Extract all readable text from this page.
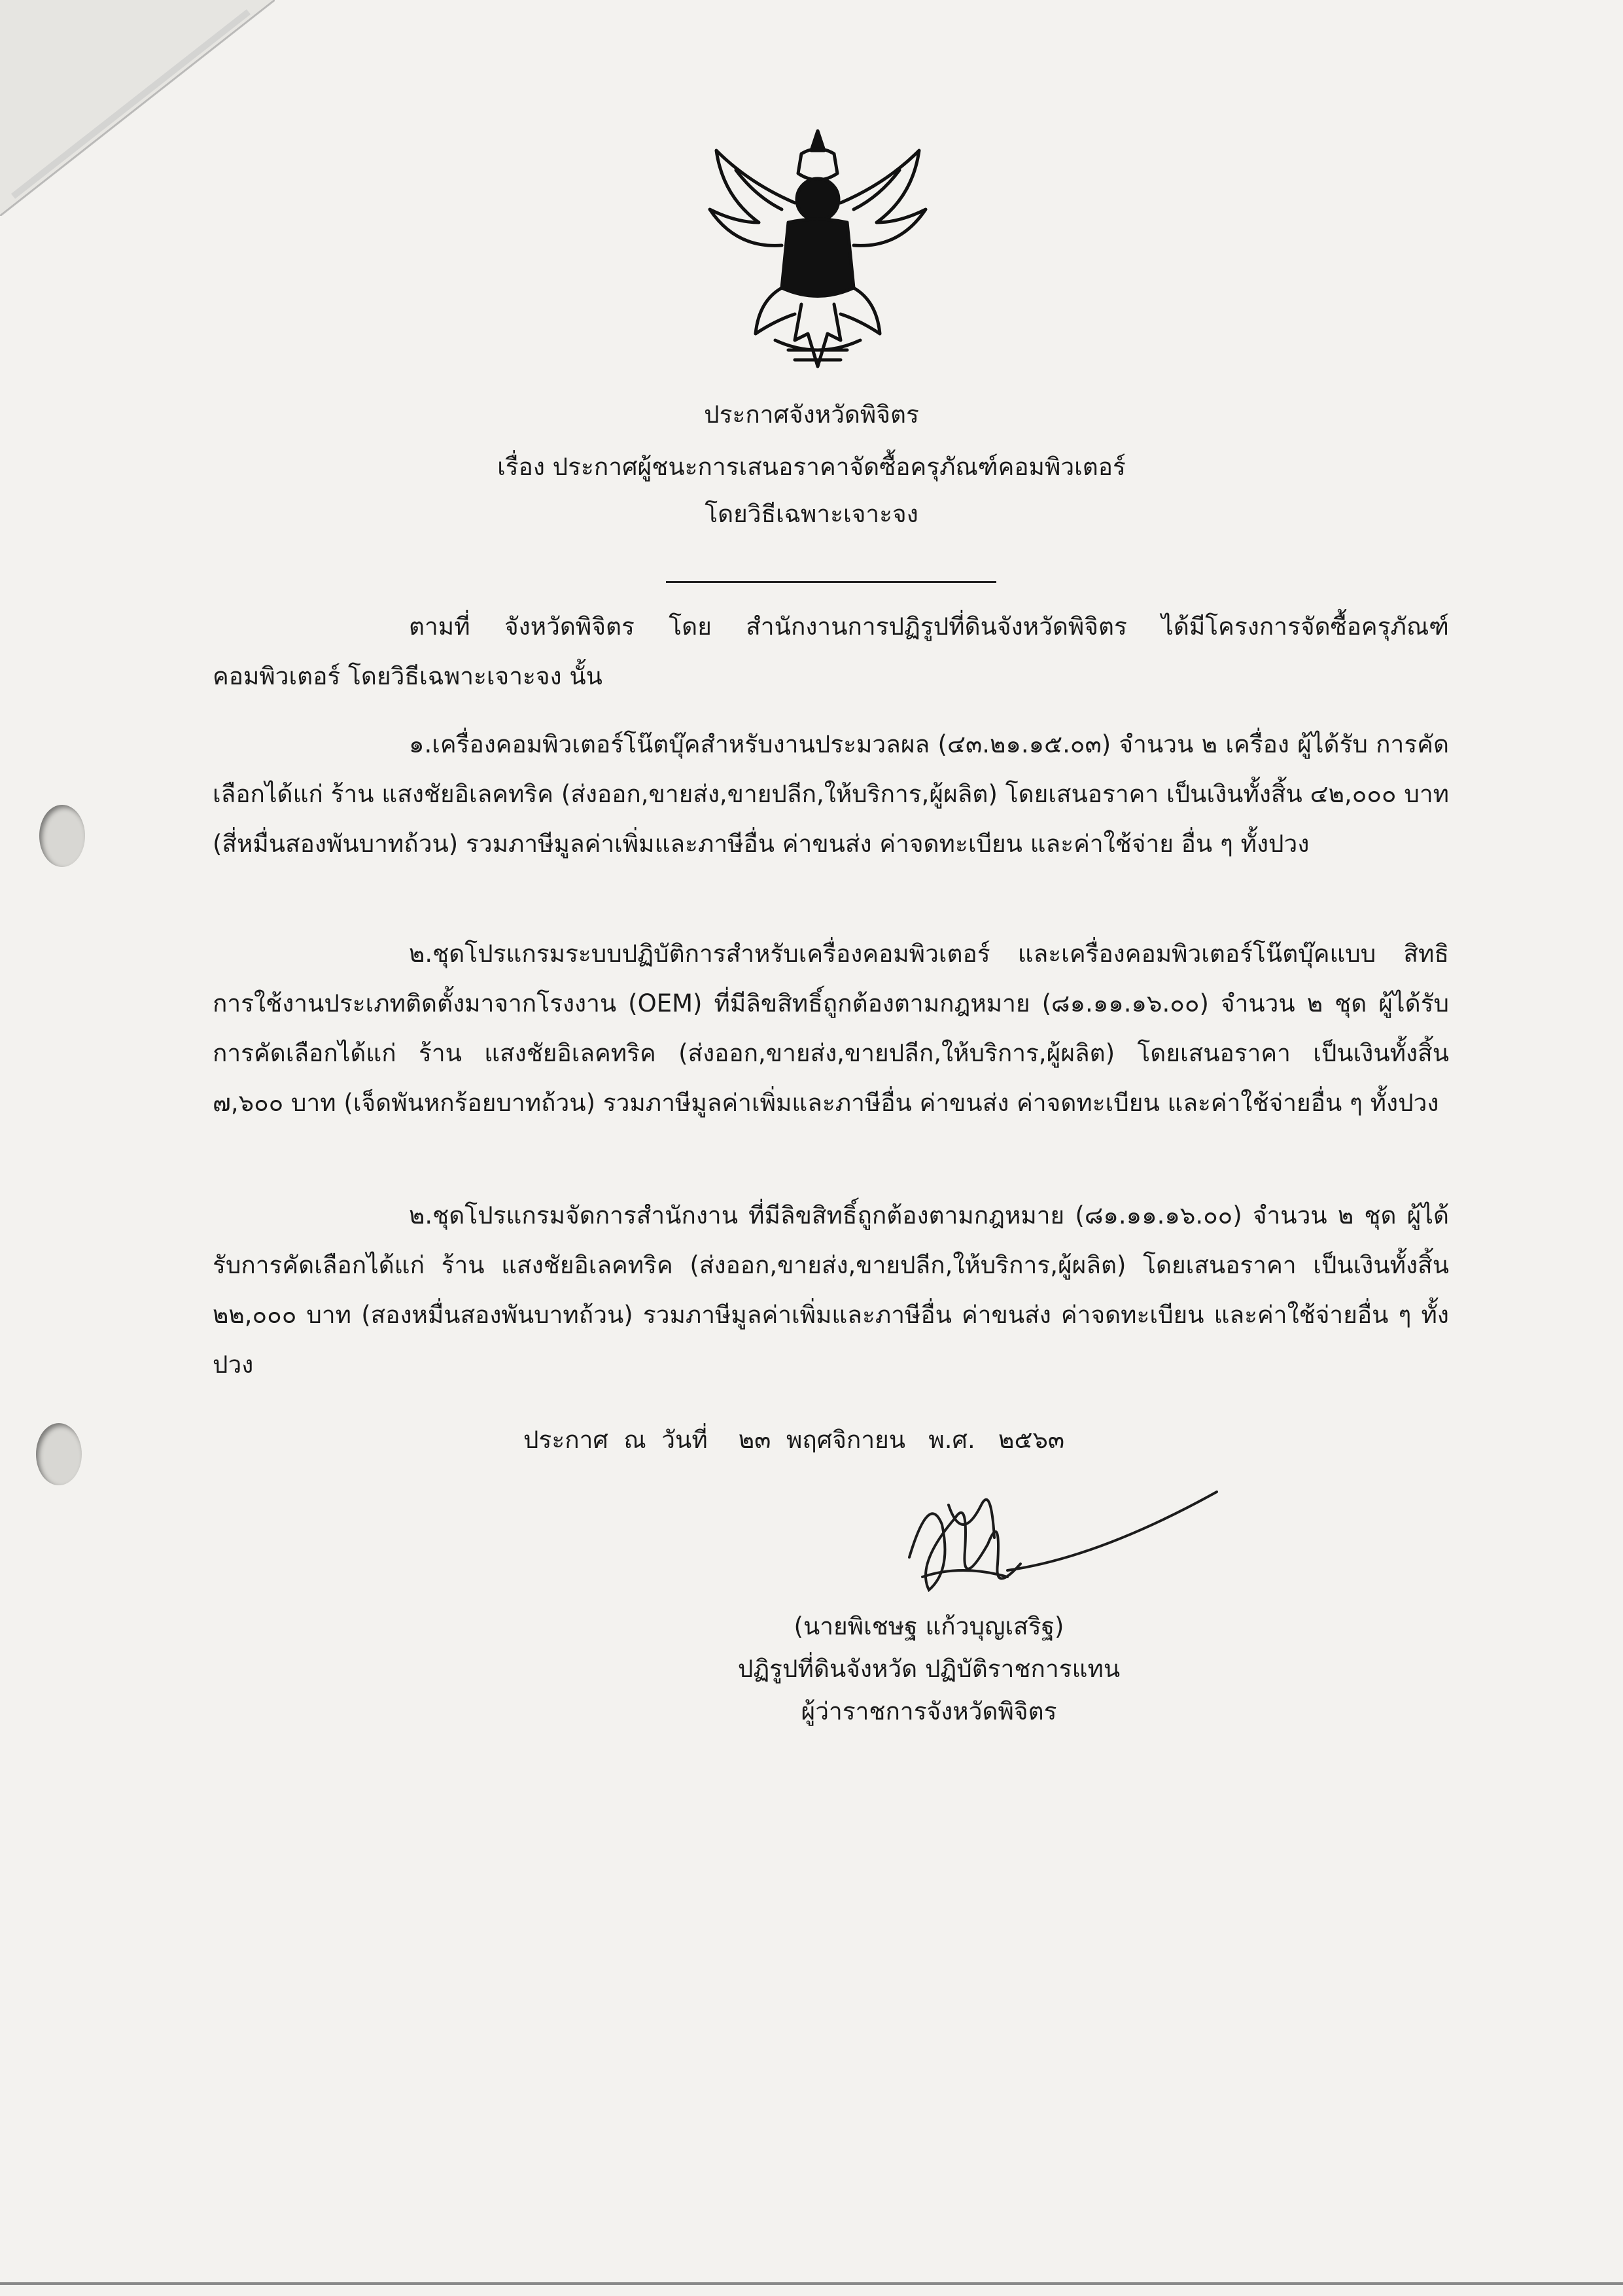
ประกาศจังหวัดพิจิตร
เรื่อง ประกาศผู้ชนะการเสนอราคาจัดซื้อครุภัณฑ์คอมพิวเตอร์
โดยวิธีเฉพาะเจาะจง
ตามที่ จังหวัดพิจิตร โดย สำนักงานการปฏิรูปที่ดินจังหวัดพิจิตร ได้มีโครงการจัดซื้อครุภัณฑ์ คอมพิวเตอร์ โดยวิธีเฉพาะเจาะจง นั้น
๑.เครื่องคอมพิวเตอร์โน๊ตบุ๊คสำหรับงานประมวลผล (๔๓.๒๑.๑๕.๐๓) จำนวน ๒ เครื่อง ผู้ได้รับ การคัดเลือกได้แก่ ร้าน แสงชัยอิเลคทริค (ส่งออก,ขายส่ง,ขายปลีก,ให้บริการ,ผู้ผลิต) โดยเสนอราคา เป็นเงินทั้งสิ้น ๔๒,๐๐๐ บาท (สี่หมื่นสองพันบาทถ้วน) รวมภาษีมูลค่าเพิ่มและภาษีอื่น ค่าขนส่ง ค่าจดทะเบียน และค่าใช้จ่าย อื่น ๆ ทั้งปวง
๒.ชุดโปรแกรมระบบปฏิบัติการสำหรับเครื่องคอมพิวเตอร์ และเครื่องคอมพิวเตอร์โน๊ตบุ๊คแบบ สิทธิการใช้งานประเภทติดตั้งมาจากโรงงาน (OEM) ที่มีลิขสิทธิ์ถูกต้องตามกฎหมาย (๘๑.๑๑.๑๖.๐๐) จำนวน ๒ ชุด ผู้ได้รับการคัดเลือกได้แก่ ร้าน แสงชัยอิเลคทริค (ส่งออก,ขายส่ง,ขายปลีก,ให้บริการ,ผู้ผลิต) โดยเสนอราคา เป็นเงินทั้งสิ้น ๗,๖๐๐ บาท (เจ็ดพันหกร้อยบาทถ้วน) รวมภาษีมูลค่าเพิ่มและภาษีอื่น ค่าขนส่ง ค่าจดทะเบียน และค่าใช้จ่ายอื่น ๆ ทั้งปวง
๒.ชุดโปรแกรมจัดการสำนักงาน ที่มีลิขสิทธิ์ถูกต้องตามกฎหมาย (๘๑.๑๑.๑๖.๐๐) จำนวน ๒ ชุด ผู้ได้รับการคัดเลือกได้แก่ ร้าน แสงชัยอิเลคทริค (ส่งออก,ขายส่ง,ขายปลีก,ให้บริการ,ผู้ผลิต) โดยเสนอราคา เป็นเงินทั้งสิ้น ๒๒,๐๐๐ บาท (สองหมื่นสองพันบาทถ้วน) รวมภาษีมูลค่าเพิ่มและภาษีอื่น ค่าขนส่ง ค่าจดทะเบียน และค่าใช้จ่ายอื่น ๆ ทั้งปวง
ประกาศ  ณ  วันที่    ๒๓  พฤศจิกายน   พ.ศ.   ๒๕๖๓
(นายพิเชษฐ แก้วบุญเสริฐ)
ปฏิรูปที่ดินจังหวัด ปฏิบัติราชการแทน
ผู้ว่าราชการจังหวัดพิจิตร
